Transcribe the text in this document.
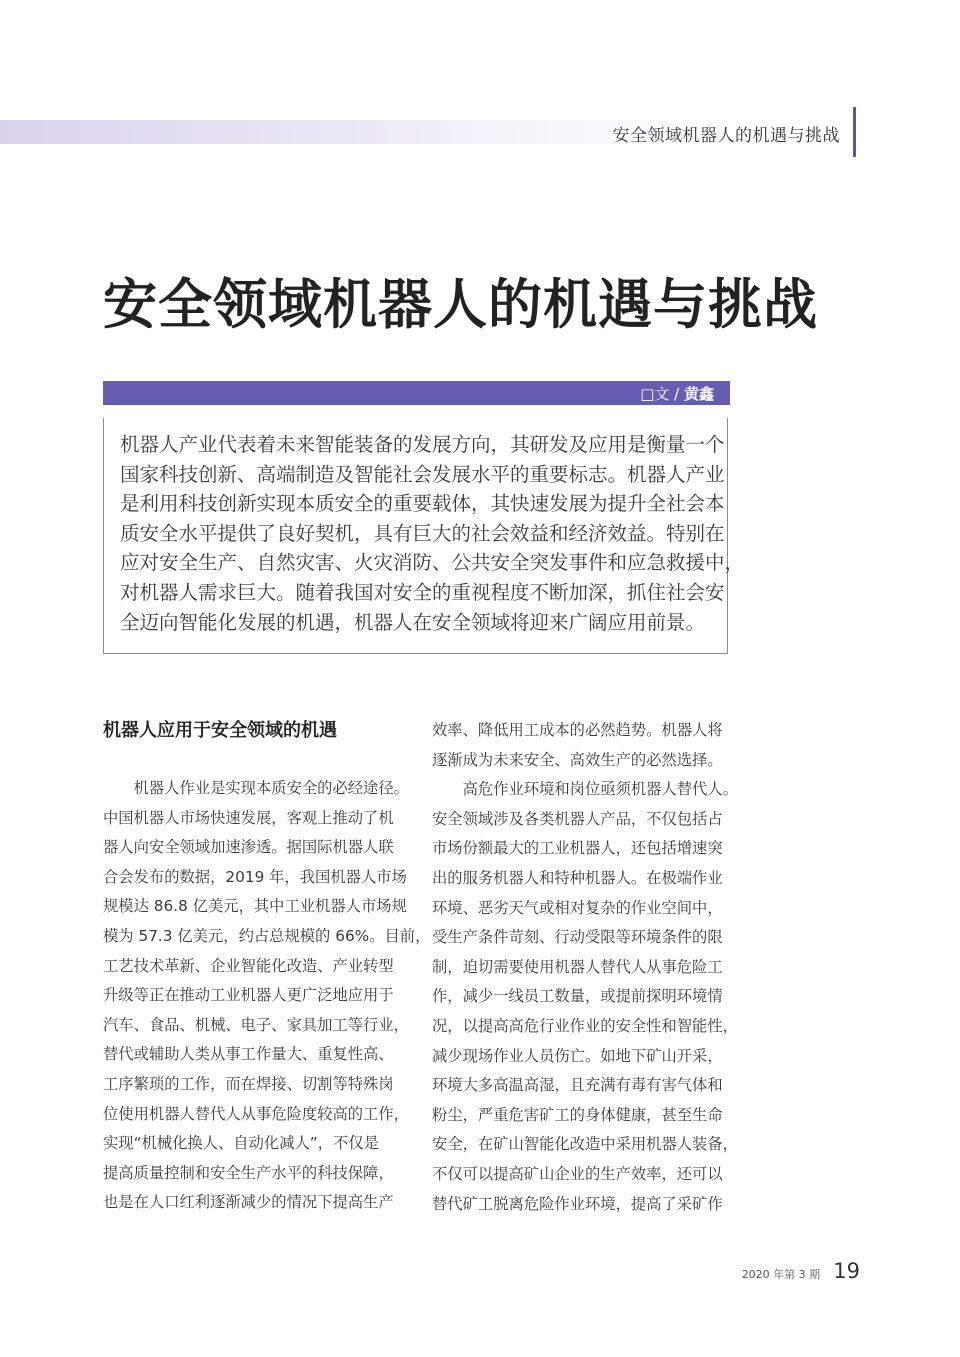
安全领域机器人的机遇与挑战
安全领域机器人的机遇与挑战
□文 / 黄鑫
机器人产业代表着未来智能装备的发展方向，其研发及应用是衡量一个
国家科技创新、高端制造及智能社会发展水平的重要标志。机器人产业
是利用科技创新实现本质安全的重要载体，其快速发展为提升全社会本
质安全水平提供了良好契机，具有巨大的社会效益和经济效益。特别在
应对安全生产、自然灾害、火灾消防、公共安全突发事件和应急救援中，
对机器人需求巨大。随着我国对安全的重视程度不断加深，抓住社会安
全迈向智能化发展的机遇，机器人在安全领域将迎来广阔应用前景。
机器人应用于安全领域的机遇
　　机器人作业是实现本质安全的必经途径。
中国机器人市场快速发展，客观上推动了机
器人向安全领域加速渗透。据国际机器人联
合会发布的数据，2019 年，我国机器人市场
规模达 86.8 亿美元，其中工业机器人市场规
模为 57.3 亿美元，约占总规模的 66%。目前，
工艺技术革新、企业智能化改造、产业转型
升级等正在推动工业机器人更广泛地应用于
汽车、食品、机械、电子、家具加工等行业，
替代或辅助人类从事工作量大、重复性高、
工序繁琐的工作，而在焊接、切割等特殊岗
位使用机器人替代人从事危险度较高的工作，
实现“机械化换人、自动化减人”，不仅是
提高质量控制和安全生产水平的科技保障，
也是在人口红利逐渐减少的情况下提高生产
效率、降低用工成本的必然趋势。机器人将
逐渐成为未来安全、高效生产的必然选择。
　　高危作业环境和岗位亟须机器人替代人。
安全领域涉及各类机器人产品，不仅包括占
市场份额最大的工业机器人，还包括增速突
出的服务机器人和特种机器人。在极端作业
环境、恶劣天气或相对复杂的作业空间中，
受生产条件苛刻、行动受限等环境条件的限
制，迫切需要使用机器人替代人从事危险工
作，减少一线员工数量，或提前探明环境情
况，以提高高危行业作业的安全性和智能性，
减少现场作业人员伤亡。如地下矿山开采，
环境大多高温高湿，且充满有毒有害气体和
粉尘，严重危害矿工的身体健康，甚至生命
安全，在矿山智能化改造中采用机器人装备，
不仅可以提高矿山企业的生产效率，还可以
替代矿工脱离危险作业环境，提高了采矿作
2020 年第 3 期 19
